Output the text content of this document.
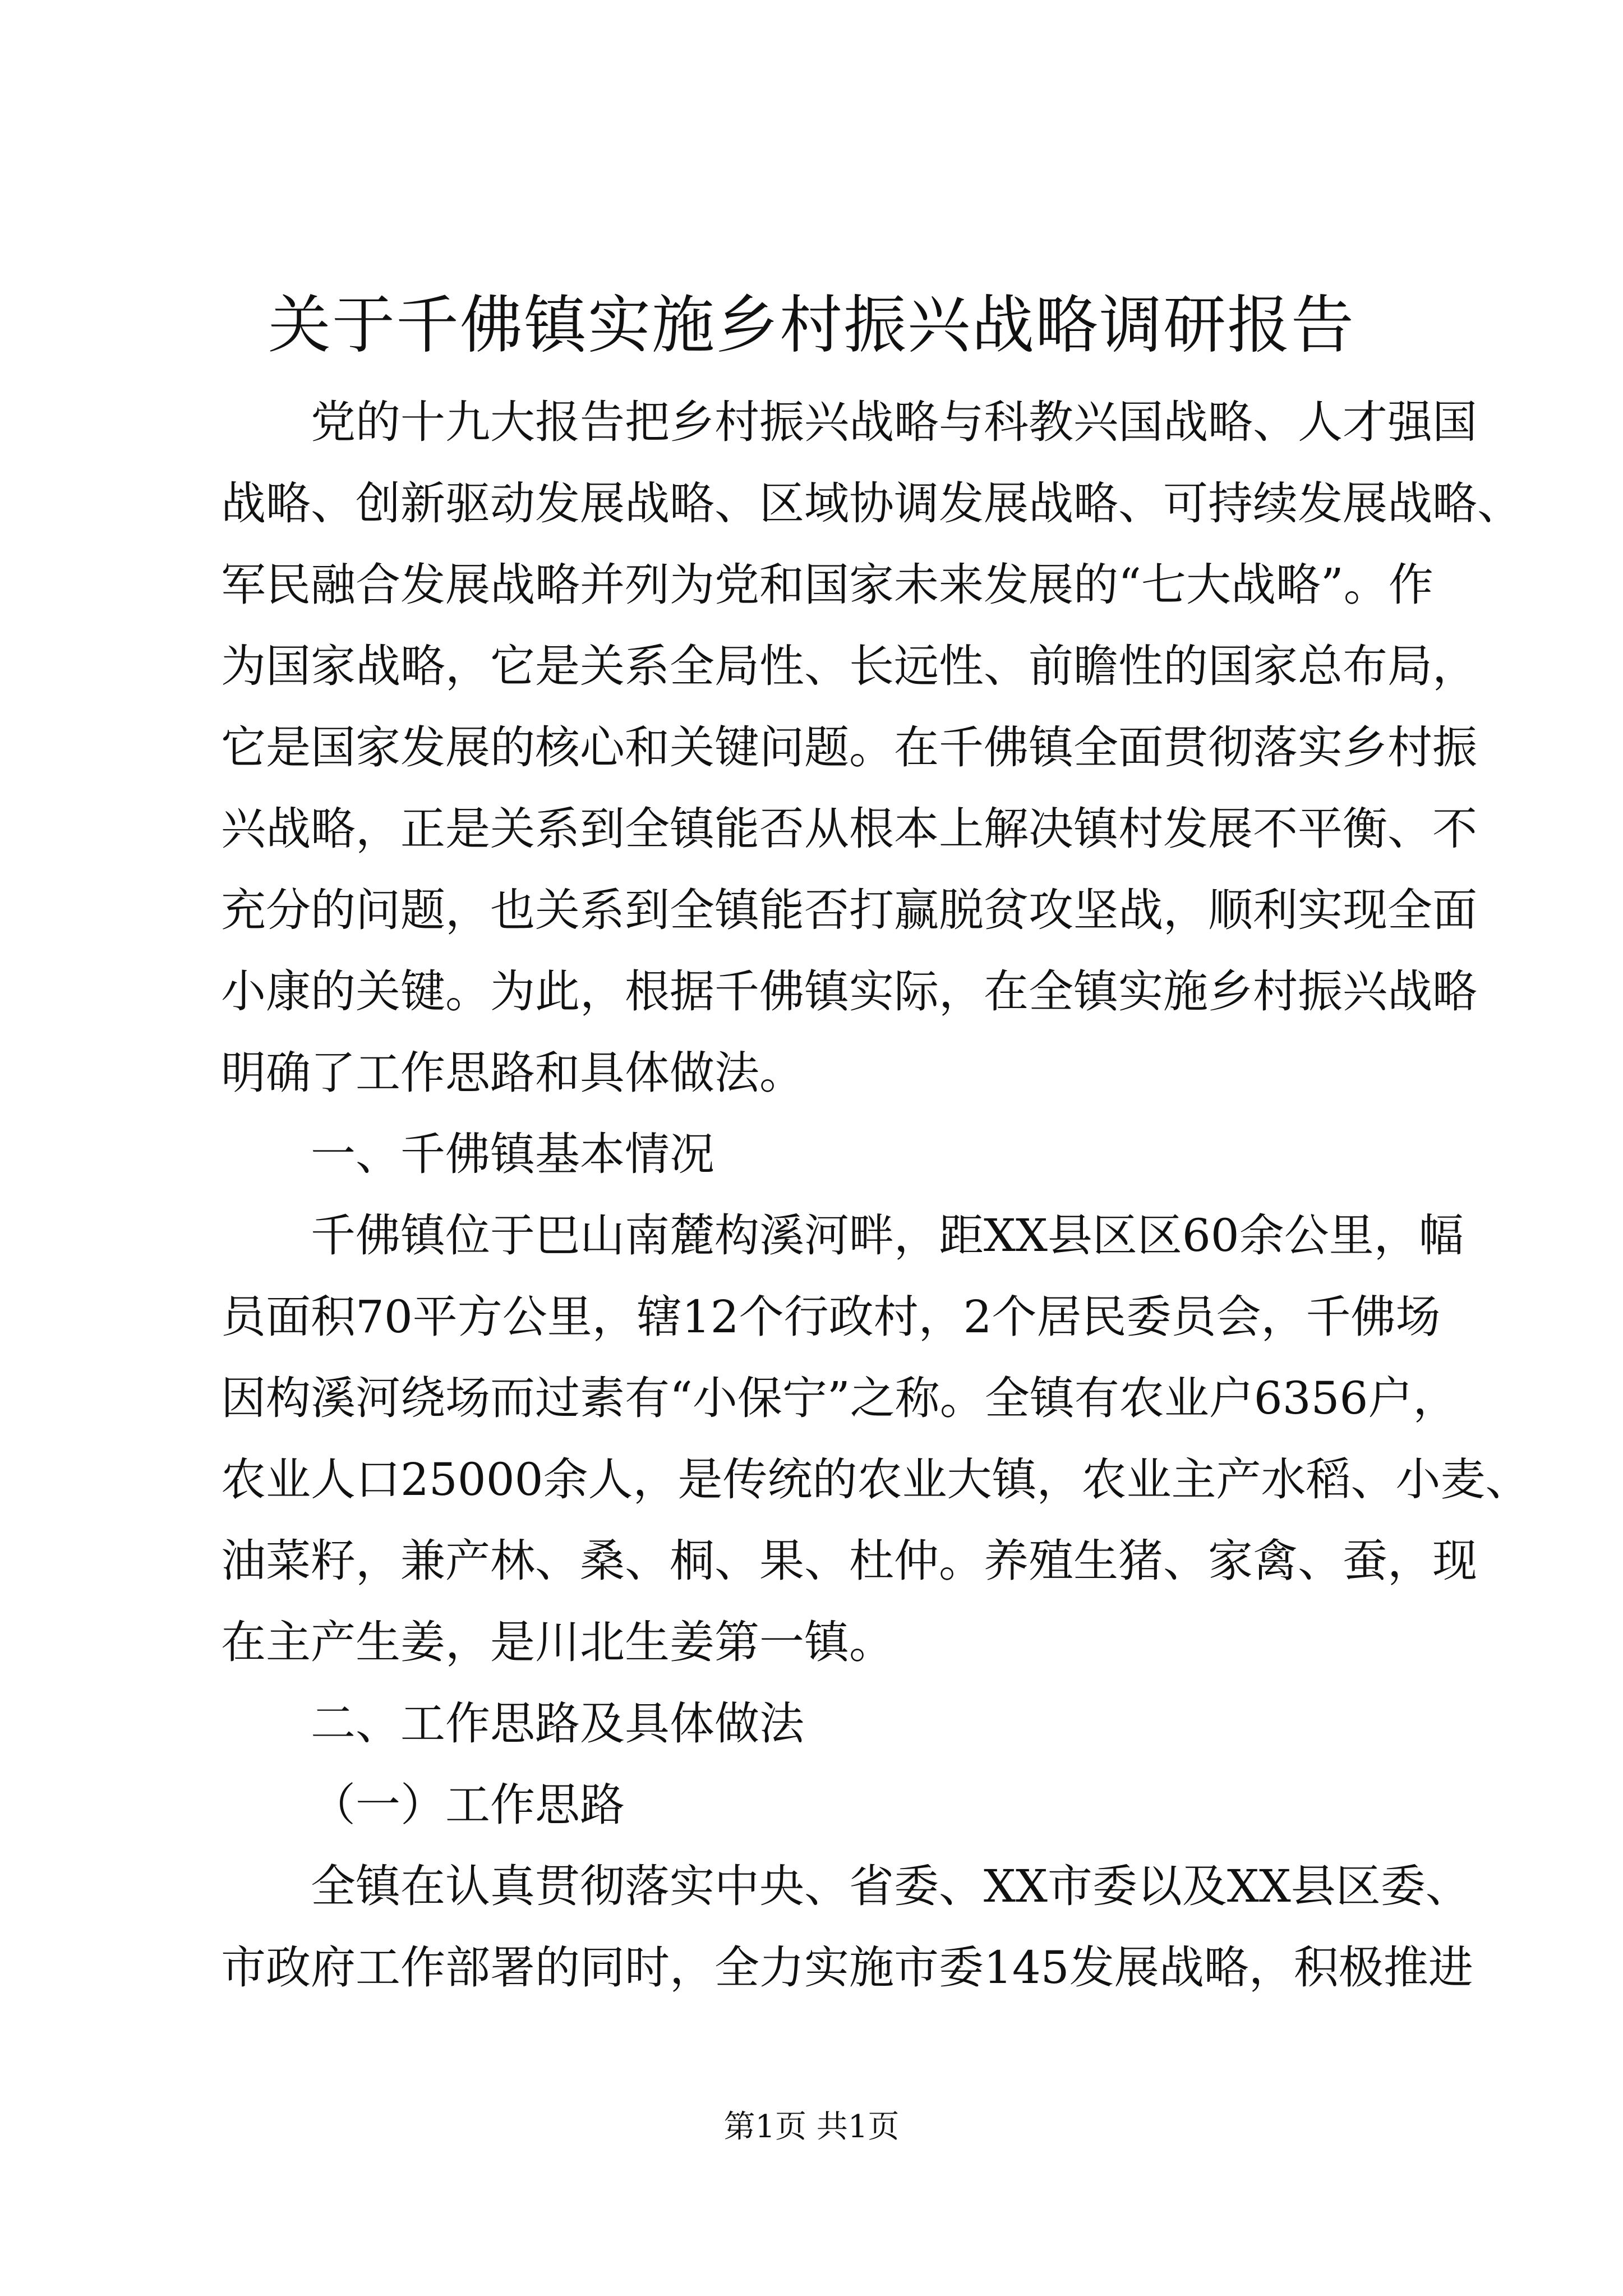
关于千佛镇实施乡村振兴战略调研报告
党的十九大报告把乡村振兴战略与科教兴国战略、人才强国
战略、创新驱动发展战略、区域协调发展战略、可持续发展战略、
军民融合发展战略并列为党和国家未来发展的“七大战略”。作
为国家战略，它是关系全局性、长远性、前瞻性的国家总布局，
它是国家发展的核心和关键问题。在千佛镇全面贯彻落实乡村振
兴战略，正是关系到全镇能否从根本上解决镇村发展不平衡、不
充分的问题，也关系到全镇能否打赢脱贫攻坚战，顺利实现全面
小康的关键。为此，根据千佛镇实际，在全镇实施乡村振兴战略
明确了工作思路和具体做法。
一、千佛镇基本情况
千佛镇位于巴山南麓构溪河畔，距XX县区区60余公里，幅
员面积70平方公里，辖12个行政村，2个居民委员会，千佛场
因构溪河绕场而过素有“小保宁”之称。全镇有农业户6356户，
农业人口25000余人，是传统的农业大镇，农业主产水稻、小麦、
油菜籽，兼产林、桑、桐、果、杜仲。养殖生猪、家禽、蚕，现
在主产生姜，是川北生姜第一镇。
二、工作思路及具体做法
（一）工作思路
全镇在认真贯彻落实中央、省委、XX市委以及XX县区委、
市政府工作部署的同时，全力实施市委145发展战略，积极推进
第1页 共1页
